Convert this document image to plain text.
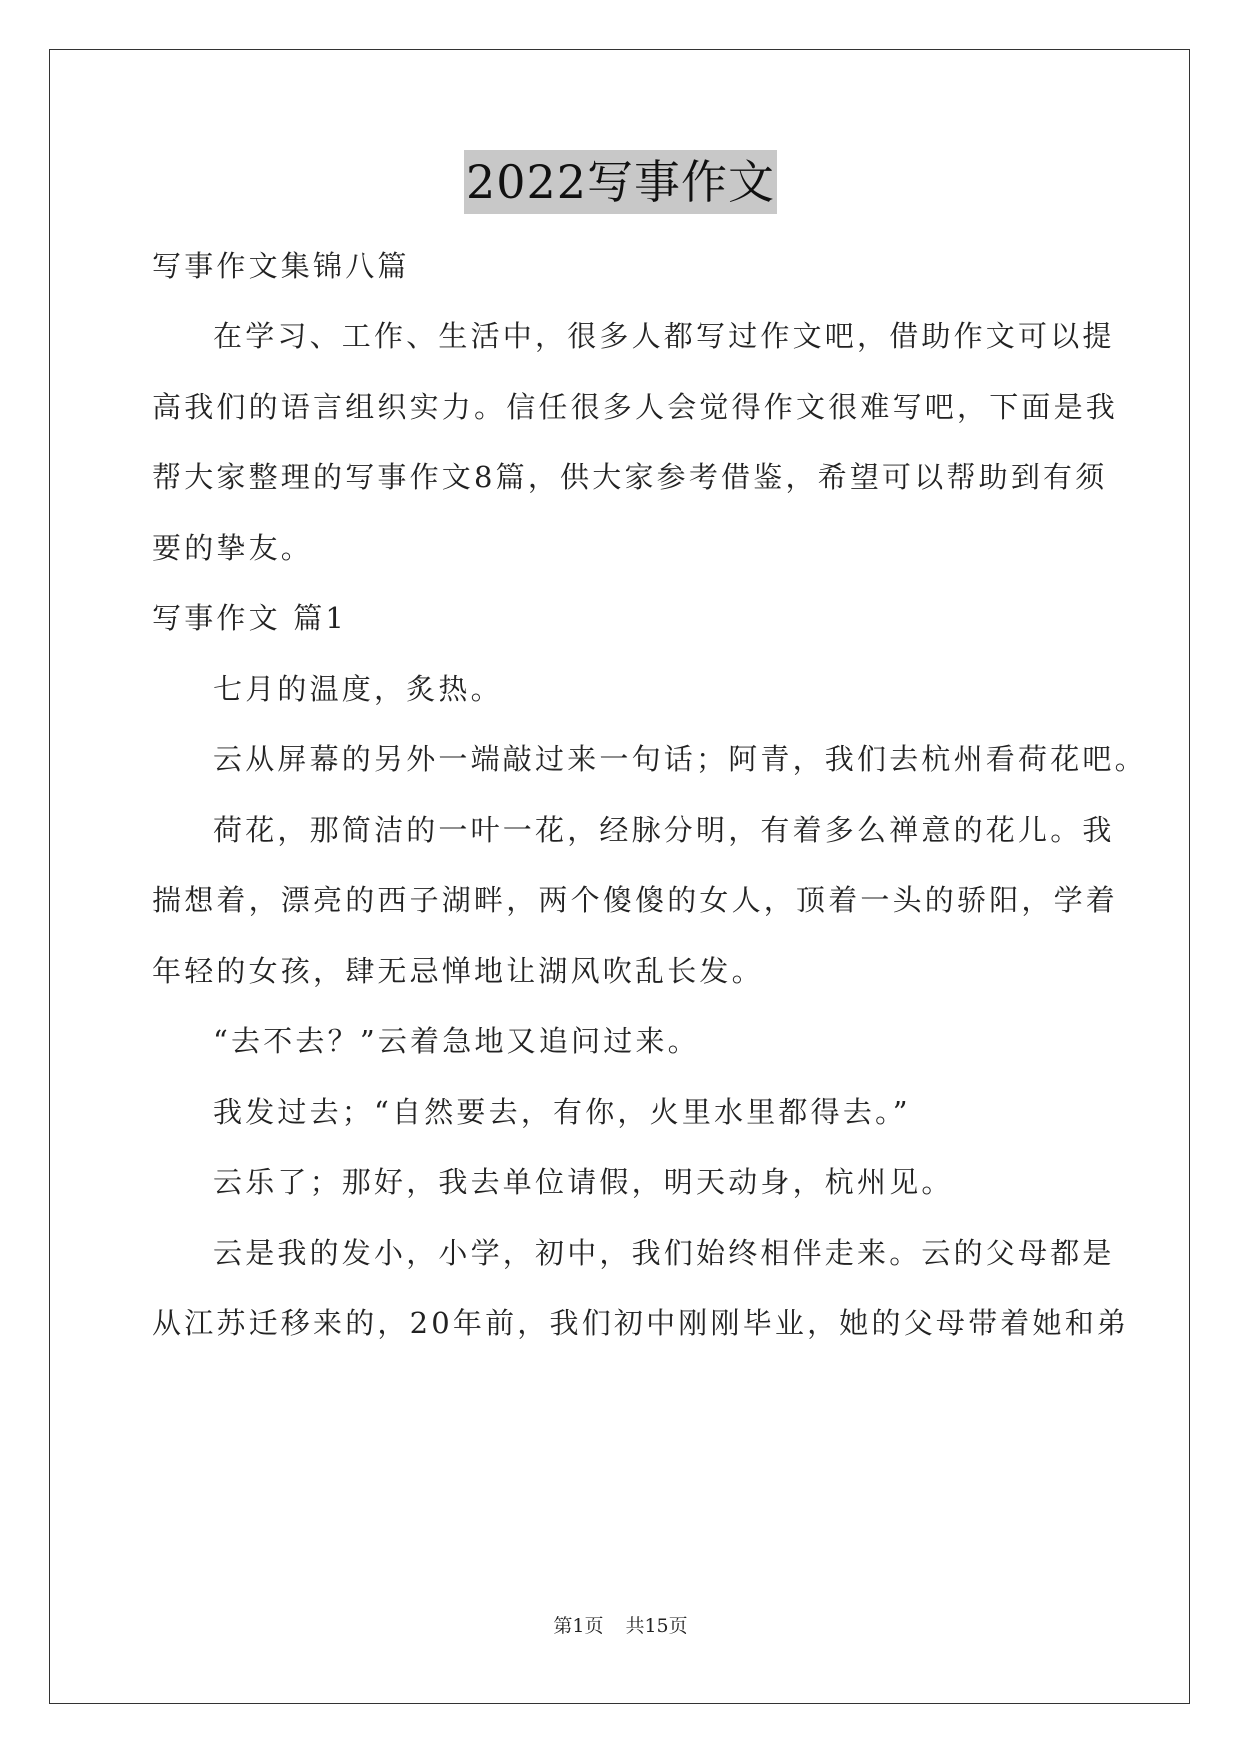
2022写事作文
写事作文集锦八篇
在学习、工作、生活中，很多人都写过作文吧，借助作文可以提
高我们的语言组织实力。信任很多人会觉得作文很难写吧，下面是我
帮大家整理的写事作文8篇，供大家参考借鉴，希望可以帮助到有须
要的挚友。
写事作文 篇1
七月的温度，炙热。
云从屏幕的另外一端敲过来一句话；阿青，我们去杭州看荷花吧。
荷花，那简洁的一叶一花，经脉分明，有着多么禅意的花儿。我
揣想着，漂亮的西子湖畔，两个傻傻的女人，顶着一头的骄阳，学着
年轻的女孩，肆无忌惮地让湖风吹乱长发。
“去不去？”云着急地又追问过来。
我发过去；“自然要去，有你，火里水里都得去。”
云乐了；那好，我去单位请假，明天动身，杭州见。
云是我的发小，小学，初中，我们始终相伴走来。云的父母都是
从江苏迁移来的，20年前，我们初中刚刚毕业，她的父母带着她和弟
第1页 共15页
